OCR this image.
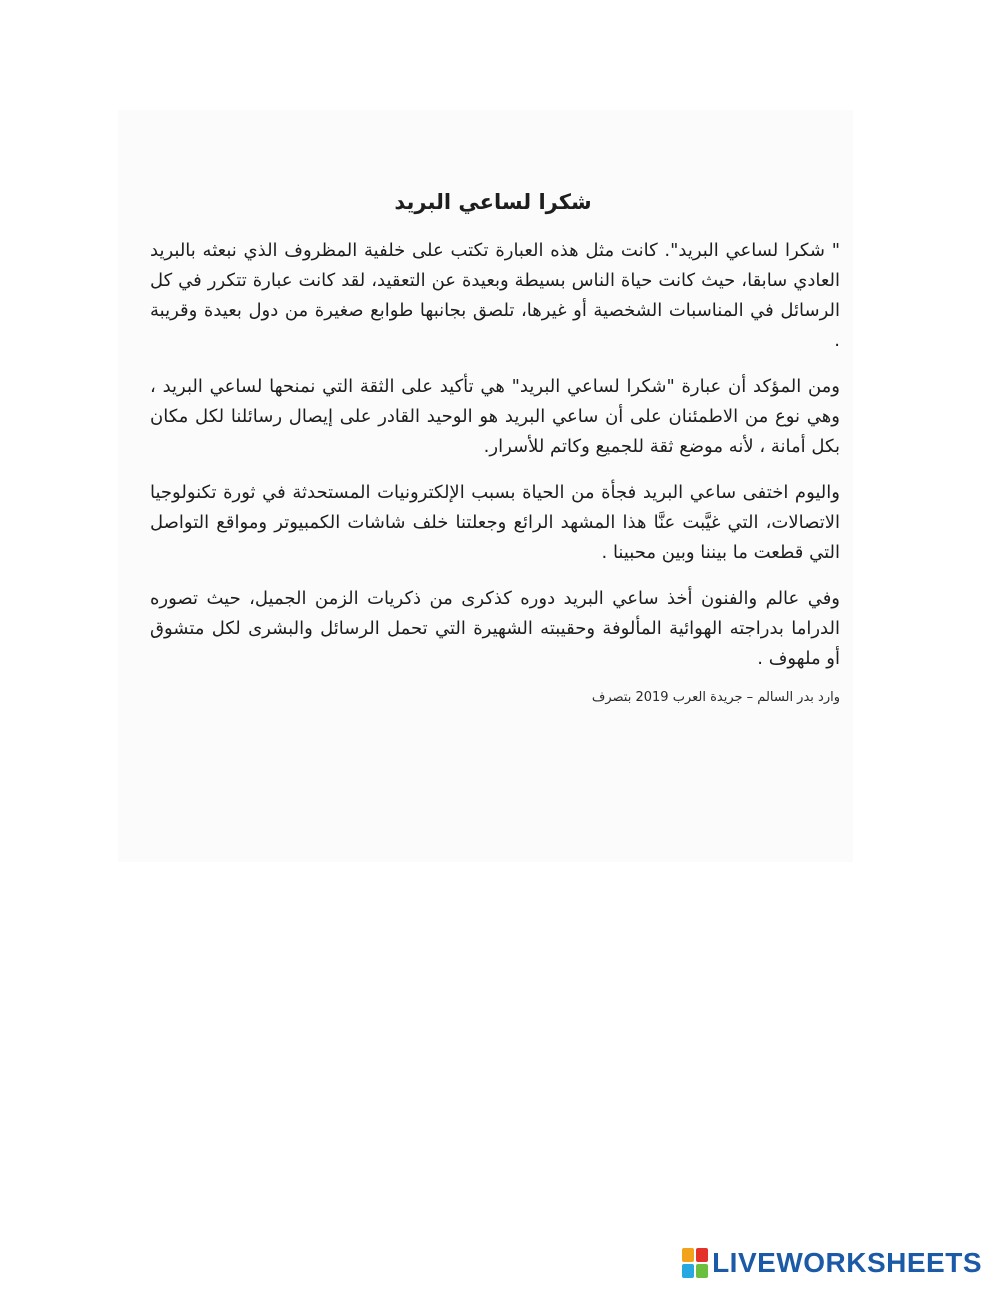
شكرا لساعي البريد

" شكرا لساعي البريد". كانت مثل هذه العبارة تكتب على خلفية المظروف الذي نبعثه بالبريد العادي سابقا، حيث كانت حياة الناس بسيطة وبعيدة عن التعقيد، لقد كانت عبارة تتكرر في كل الرسائل في المناسبات الشخصية أو غيرها، تلصق بجانبها طوابع صغيرة من دول بعيدة وقريبة .

ومن المؤكد أن عبارة "شكرا لساعي البريد" هي تأكيد على الثقة التي نمنحها لساعي البريد ، وهي نوع من الاطمئنان على أن ساعي البريد هو الوحيد القادر على إيصال رسائلنا لكل مكان بكل أمانة ، لأنه موضع ثقة للجميع وكاتم للأسرار.

واليوم اختفى ساعي البريد فجأة من الحياة بسبب الإلكترونيات المستحدثة في ثورة تكنولوجيا الاتصالات، التي غيَّبت عنَّا هذا المشهد الرائع وجعلتنا خلف شاشات الكمبيوتر ومواقع التواصل التي قطعت ما بيننا وبين محبينا .

وفي عالم والفنون أخذ ساعي البريد دوره كذكرى من ذكريات الزمن الجميل، حيث تصوره الدراما بدراجته الهوائية المألوفة وحقيبته الشهيرة التي تحمل الرسائل والبشرى لكل متشوق أو ملهوف .

وارد بدر السالم – جريدة العرب 2019 بتصرف
LIVEWORKSHEETS
